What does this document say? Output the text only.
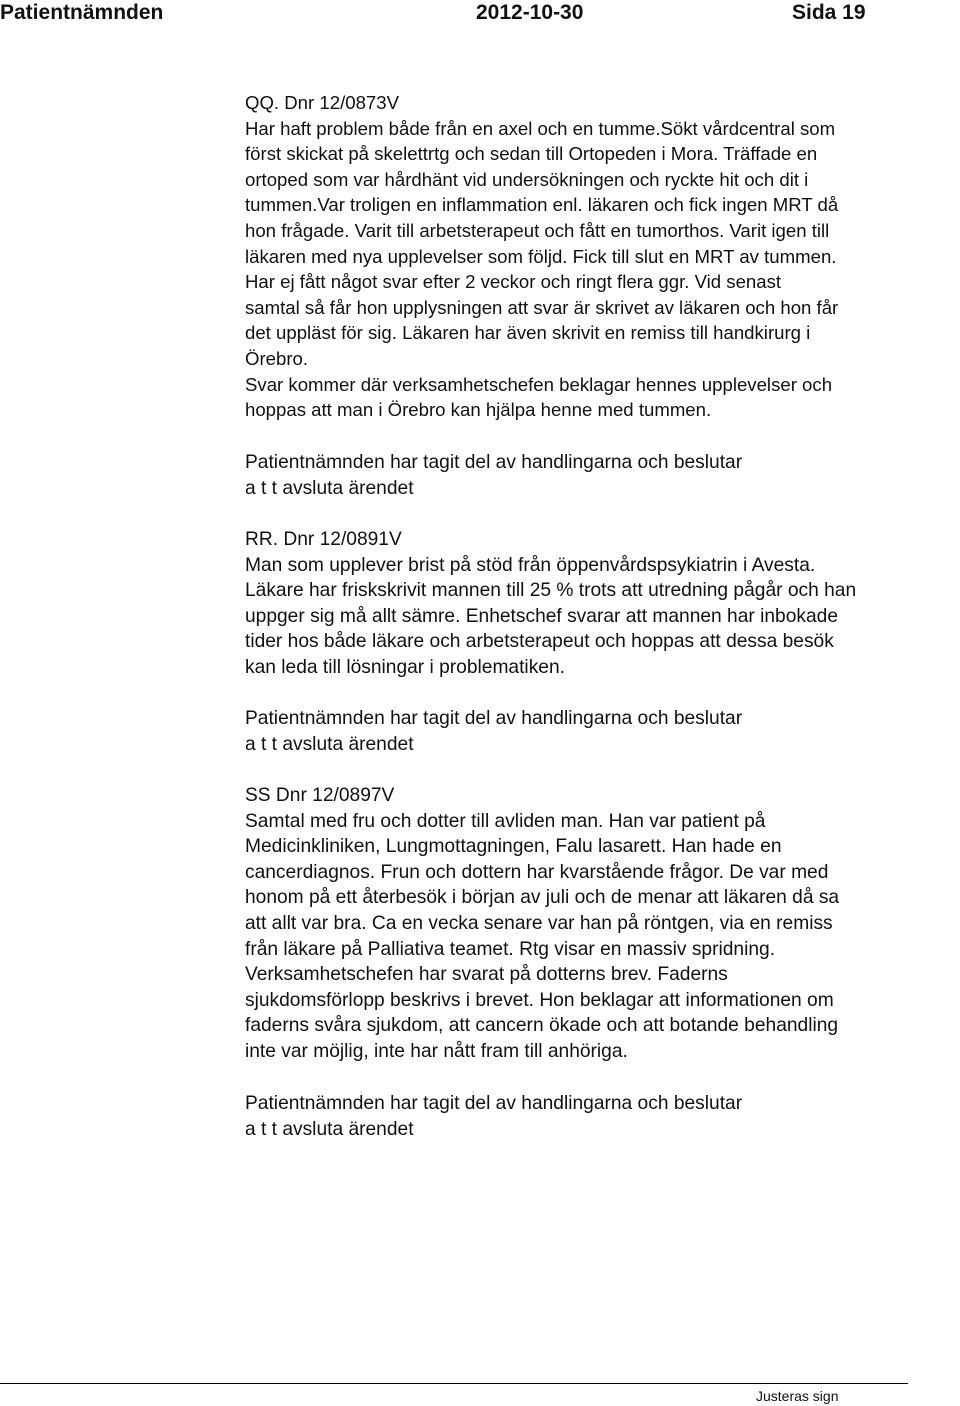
Patientnämnden	2012-10-30	Sida 19

QQ. Dnr 12/0873V

Har haft problem både från en axel och en tumme.Sökt vårdcentral som

först skickat på skelettrtg och sedan till Ortopeden i Mora. Träffade en

ortoped som var hårdhänt vid undersökningen och ryckte hit och dit i

tummen.Var troligen en inflammation enl. läkaren och fick ingen MRT då

hon frågade. Varit till arbetsterapeut och fått en tumorthos. Varit igen till

läkaren med nya upplevelser som följd. Fick till slut en MRT av tummen.

Har ej fått något svar efter 2 veckor och ringt flera ggr. Vid senast

samtal så får hon upplysningen att svar är skrivet av läkaren och hon får

det uppläst för sig. Läkaren har även skrivit en remiss till handkirurg i

Örebro.

Svar kommer där verksamhetschefen beklagar hennes upplevelser och

hoppas att man i Örebro kan hjälpa henne med tummen.

Patientnämnden har tagit del av handlingarna och beslutar

a t t avsluta ärendet

RR. Dnr 12/0891V

Man som upplever brist på stöd från öppenvårdspsykiatrin i Avesta.

Läkare har friskskrivit mannen till 25 % trots att utredning pågår och han

uppger sig må allt sämre. Enhetschef svarar att mannen har inbokade

tider hos både läkare och arbetsterapeut och hoppas att dessa besök

kan leda till lösningar i problematiken.

Patientnämnden har tagit del av handlingarna och beslutar

a t t avsluta ärendet

SS Dnr 12/0897V

Samtal med fru och dotter till avliden man. Han var patient på

Medicinkliniken, Lungmottagningen, Falu lasarett. Han hade en

cancerdiagnos. Frun och dottern har kvarstående frågor. De var med

honom på ett återbesök i början av juli och de menar att läkaren då sa

att allt var bra. Ca en vecka senare var han på röntgen, via en remiss

från läkare på Palliativa teamet. Rtg visar en massiv spridning.

Verksamhetschefen har svarat på dotterns brev. Faderns

sjukdomsförlopp beskrivs i brevet. Hon beklagar att informationen om

faderns svåra sjukdom, att cancern ökade och att botande behandling

inte var möjlig, inte har nått fram till anhöriga.

Patientnämnden har tagit del av handlingarna och beslutar

a t t avsluta ärendet

Justeras sign
